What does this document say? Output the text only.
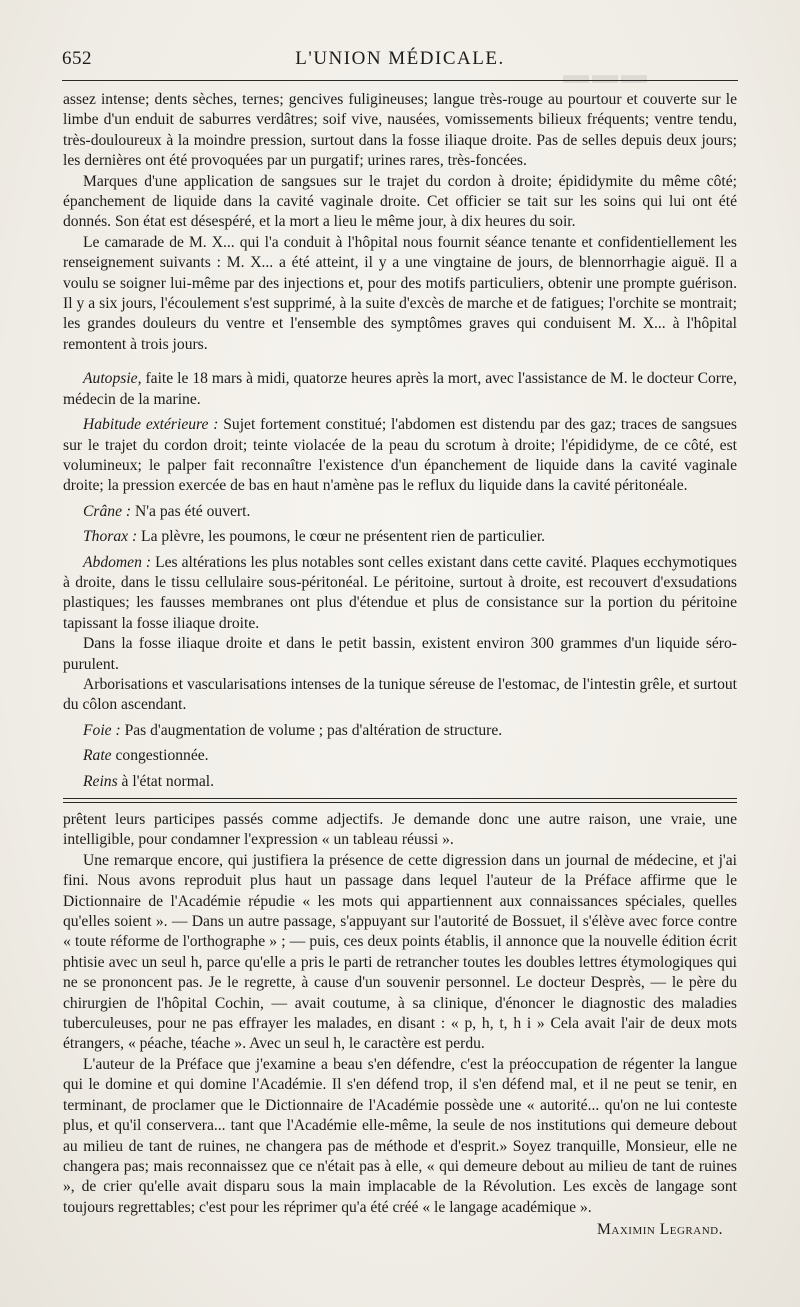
▬▬▬
652	L'UNION MÉDICALE.

assez intense; dents sèches, ternes; gencives fuligineuses; langue très-rouge au pourtour et couverte sur le limbe d'un enduit de saburres verdâtres; soif vive, nausées, vomissements bilieux fréquents; ventre tendu, très-douloureux à la moindre pression, surtout dans la fosse iliaque droite. Pas de selles depuis deux jours; les dernières ont été provoquées par un purgatif; urines rares, très-foncées.

Marques d'une application de sangsues sur le trajet du cordon à droite; épididymite du même côté; épanchement de liquide dans la cavité vaginale droite. Cet officier se tait sur les soins qui lui ont été donnés. Son état est désespéré, et la mort a lieu le même jour, à dix heures du soir.

Le camarade de M. X... qui l'a conduit à l'hôpital nous fournit séance tenante et confidentiellement les renseignement suivants : M. X... a été atteint, il y a une vingtaine de jours, de blennorrhagie aiguë. Il a voulu se soigner lui-même par des injections et, pour des motifs particuliers, obtenir une prompte guérison. Il y a six jours, l'écoulement s'est supprimé, à la suite d'excès de marche et de fatigues; l'orchite se montrait; les grandes douleurs du ventre et l'ensemble des symptômes graves qui conduisent M. X... à l'hôpital remontent à trois jours.

Autopsie, faite le 18 mars à midi, quatorze heures après la mort, avec l'assistance de M. le docteur Corre, médecin de la marine.

Habitude extérieure : Sujet fortement constitué; l'abdomen est distendu par des gaz; traces de sangsues sur le trajet du cordon droit; teinte violacée de la peau du scrotum à droite; l'épididyme, de ce côté, est volumineux; le palper fait reconnaître l'existence d'un épanchement de liquide dans la cavité vaginale droite; la pression exercée de bas en haut n'amène pas le reflux du liquide dans la cavité péritonéale.

Crâne : N'a pas été ouvert.

Thorax : La plèvre, les poumons, le cœur ne présentent rien de particulier.

Abdomen : Les altérations les plus notables sont celles existant dans cette cavité. Plaques ecchymotiques à droite, dans le tissu cellulaire sous-péritonéal. Le péritoine, surtout à droite, est recouvert d'exsudations plastiques; les fausses membranes ont plus d'étendue et plus de consistance sur la portion du péritoine tapissant la fosse iliaque droite.

Dans la fosse iliaque droite et dans le petit bassin, existent environ 300 grammes d'un liquide séro-purulent.

Arborisations et vascularisations intenses de la tunique séreuse de l'estomac, de l'intestin grêle, et surtout du côlon ascendant.

Foie : Pas d'augmentation de volume ; pas d'altération de structure.

Rate congestionnée.

Reins à l'état normal.

prêtent leurs participes passés comme adjectifs. Je demande donc une autre raison, une vraie, une intelligible, pour condamner l'expression « un tableau réussi ».

Une remarque encore, qui justifiera la présence de cette digression dans un journal de médecine, et j'ai fini. Nous avons reproduit plus haut un passage dans lequel l'auteur de la Préface affirme que le Dictionnaire de l'Académie répudie « les mots qui appartiennent aux connaissances spéciales, quelles qu'elles soient ». — Dans un autre passage, s'appuyant sur l'autorité de Bossuet, il s'élève avec force contre « toute réforme de l'orthographe » ; — puis, ces deux points établis, il annonce que la nouvelle édition écrit phtisie avec un seul h, parce qu'elle a pris le parti de retrancher toutes les doubles lettres étymologiques qui ne se prononcent pas. Je le regrette, à cause d'un souvenir personnel. Le docteur Desprès, — le père du chirurgien de l'hôpital Cochin, — avait coutume, à sa clinique, d'énoncer le diagnostic des maladies tuberculeuses, pour ne pas effrayer les malades, en disant : « p, h, t, h i » Cela avait l'air de deux mots étrangers, « péache, téache ». Avec un seul h, le caractère est perdu.

L'auteur de la Préface que j'examine a beau s'en défendre, c'est la préoccupation de régenter la langue qui le domine et qui domine l'Académie. Il s'en défend trop, il s'en défend mal, et il ne peut se tenir, en terminant, de proclamer que le Dictionnaire de l'Académie possède une « autorité... qu'on ne lui conteste plus, et qu'il conservera... tant que l'Académie elle-même, la seule de nos institutions qui demeure debout au milieu de tant de ruines, ne changera pas de méthode et d'esprit.» Soyez tranquille, Monsieur, elle ne changera pas; mais reconnaissez que ce n'était pas à elle, « qui demeure debout au milieu de tant de ruines », de crier qu'elle avait disparu sous la main implacable de la Révolution. Les excès de langage sont toujours regrettables; c'est pour les réprimer qu'a été créé « le langage académique ».

Maximin Legrand.
